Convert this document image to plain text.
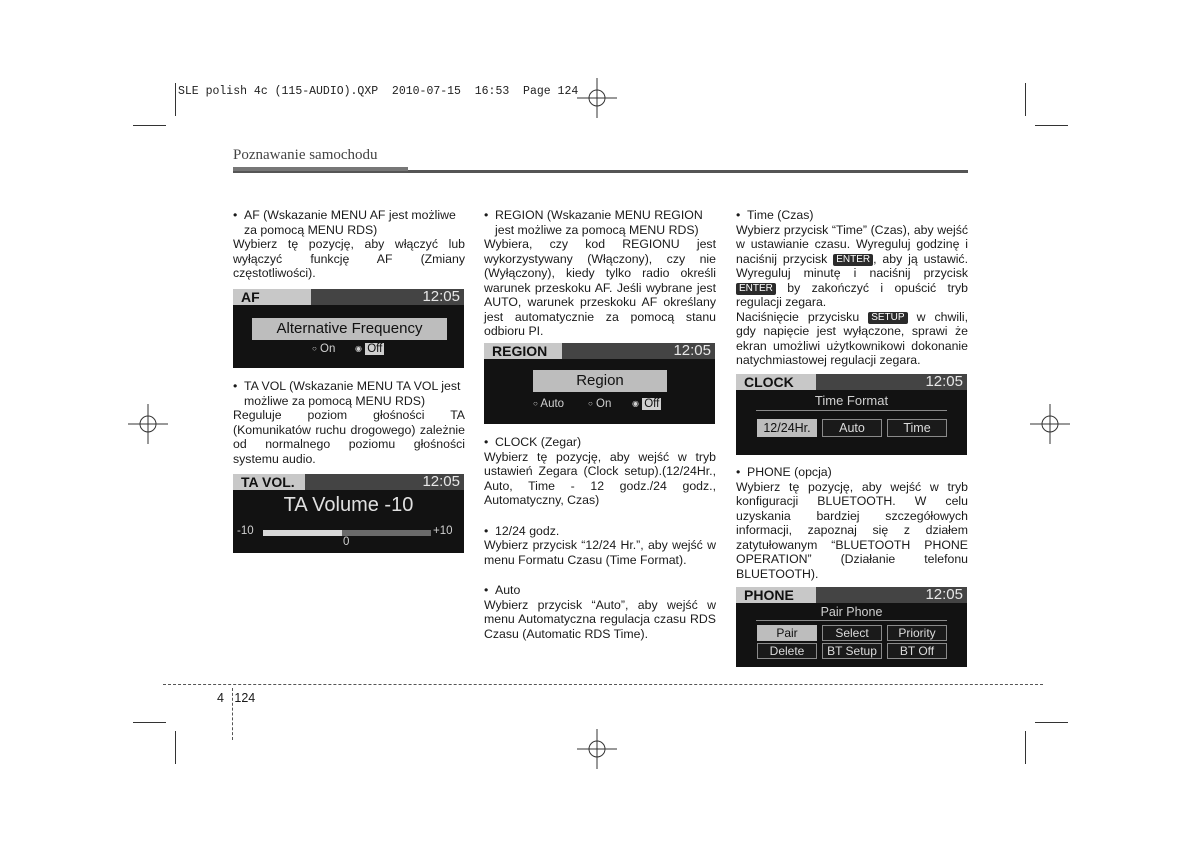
SLE polish 4c (115-AUDIO).QXP  2010-07-15  16:53  Page 124
Poznawanie samochodu

• AF (Wskazanie MENU AF jest możliwe za pomocą MENU RDS)

Wybierz tę pozycję, aby włączyć lub wyłączyć funkcję AF (Zmiany częstotliwości).

AF	12:05
Alternative Frequency
○ On ◉ Off

• TA VOL (Wskazanie MENU TA VOL jest możliwe za pomocą MENU RDS)

Reguluje poziom głośności TA (Komunikatów ruchu drogowego) zależnie od normalnego poziomu głośności systemu audio.

TA VOL.	12:05
TA Volume -10
-10	+10
0

• REGION (Wskazanie MENU REGION jest możliwe za pomocą MENU RDS)

Wybiera, czy kod REGIONU jest wykorzystywany (Włączony), czy nie (Wyłączony), kiedy tylko radio określi warunek przeskoku AF. Jeśli wybrane jest AUTO, warunek przeskoku AF określany jest automatycznie za pomocą stanu odbioru PI.

REGION	12:05
Region
○ Auto	○ On	◉ Off

• CLOCK (Zegar)

Wybierz tę pozycję, aby wejść w tryb ustawień Zegara (Clock setup).(12/24Hr., Auto, Time - 12 godz./24 godz., Automatyczny, Czas)

• 12/24 godz.

Wybierz przycisk “12/24 Hr.”, aby wejść w menu Formatu Czasu (Time Format).

• Auto

Wybierz przycisk “Auto”, aby wejść w menu Automatyczna regulacja czasu RDS Czasu (Automatic RDS Time).

• Time (Czas)

Wybierz przycisk “Time” (Czas), aby wejść w ustawianie czasu. Wyreguluj godzinę i naciśnij przycisk ENTER , aby ją ustawić. Wyreguluj minutę i naciśnij przycisk ENTER by zakończyć i opuścić tryb regulacji zegara.

Naciśnięcie przycisku SETUP w chwili, gdy napięcie jest wyłączone, sprawi że ekran umożliwi użytkownikowi dokonanie natychmiastowej regulacji zegara.

CLOCK	12:05
Time Format
12/24Hr.	Auto	Time

• PHONE (opcja)

Wybierz tę pozycję, aby wejść w tryb konfiguracji BLUETOOTH. W celu uzyskania bardziej szczegółowych informacji, zapoznaj się z działem zatytułowanym “BLUETOOTH PHONE OPERATION” (Działanie telefonu BLUETOOTH).

PHONE	12:05
Pair Phone
Pair	Select	Priority
Delete	BT Setup	BT Off
4 124
